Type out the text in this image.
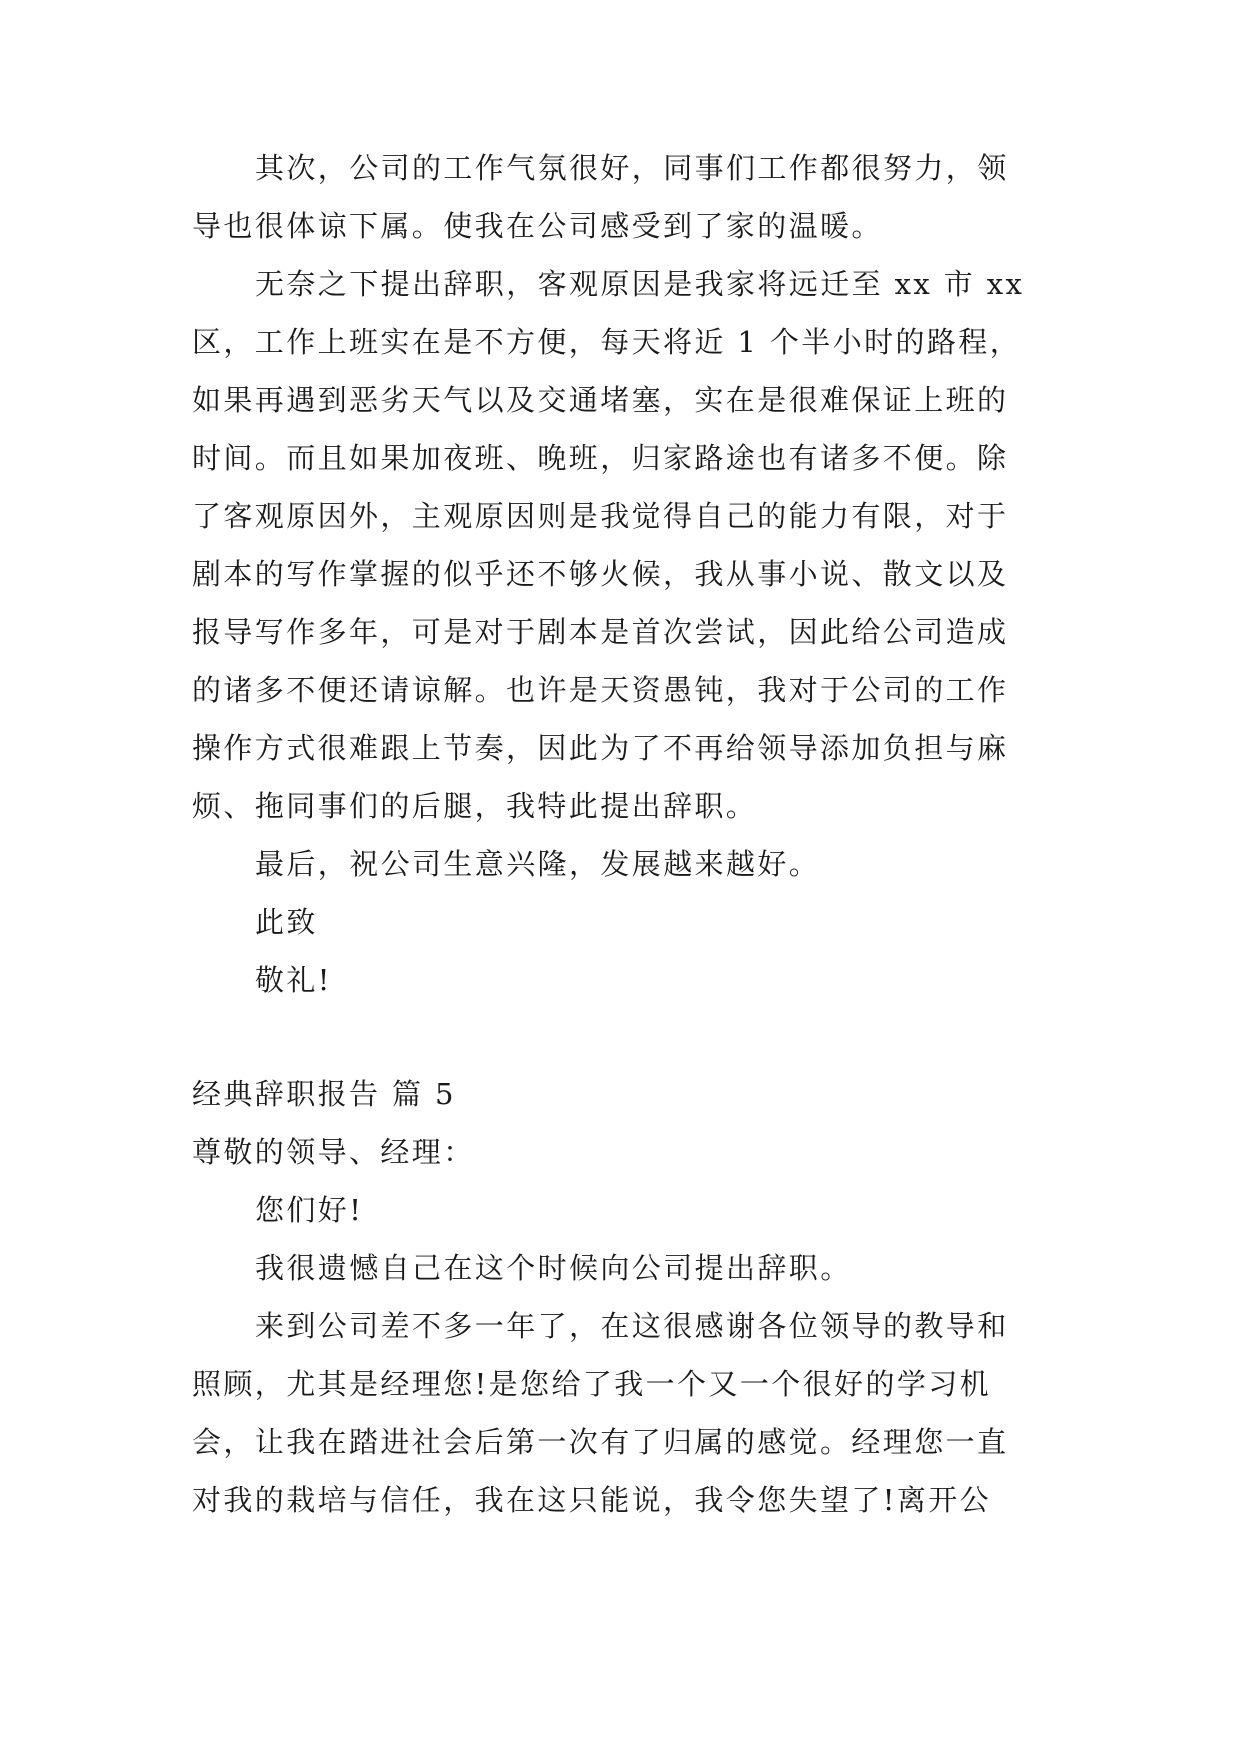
其次，公司的工作气氛很好，同事们工作都很努力，领
导也很体谅下属。使我在公司感受到了家的温暖。
无奈之下提出辞职，客观原因是我家将远迁至 xx 市 xx
区，工作上班实在是不方便，每天将近 1 个半小时的路程，
如果再遇到恶劣天气以及交通堵塞，实在是很难保证上班的
时间。而且如果加夜班、晚班，归家路途也有诸多不便。除
了客观原因外，主观原因则是我觉得自己的能力有限，对于
剧本的写作掌握的似乎还不够火候，我从事小说、散文以及
报导写作多年，可是对于剧本是首次尝试，因此给公司造成
的诸多不便还请谅解。也许是天资愚钝，我对于公司的工作
操作方式很难跟上节奏，因此为了不再给领导添加负担与麻
烦、拖同事们的后腿，我特此提出辞职。
最后，祝公司生意兴隆，发展越来越好。
此致
敬礼!
经典辞职报告 篇 5
尊敬的领导、经理：
您们好!
我很遗憾自己在这个时候向公司提出辞职。
来到公司差不多一年了，在这很感谢各位领导的教导和
照顾，尤其是经理您!是您给了我一个又一个很好的学习机
会，让我在踏进社会后第一次有了归属的感觉。经理您一直
对我的栽培与信任，我在这只能说，我令您失望了!离开公
